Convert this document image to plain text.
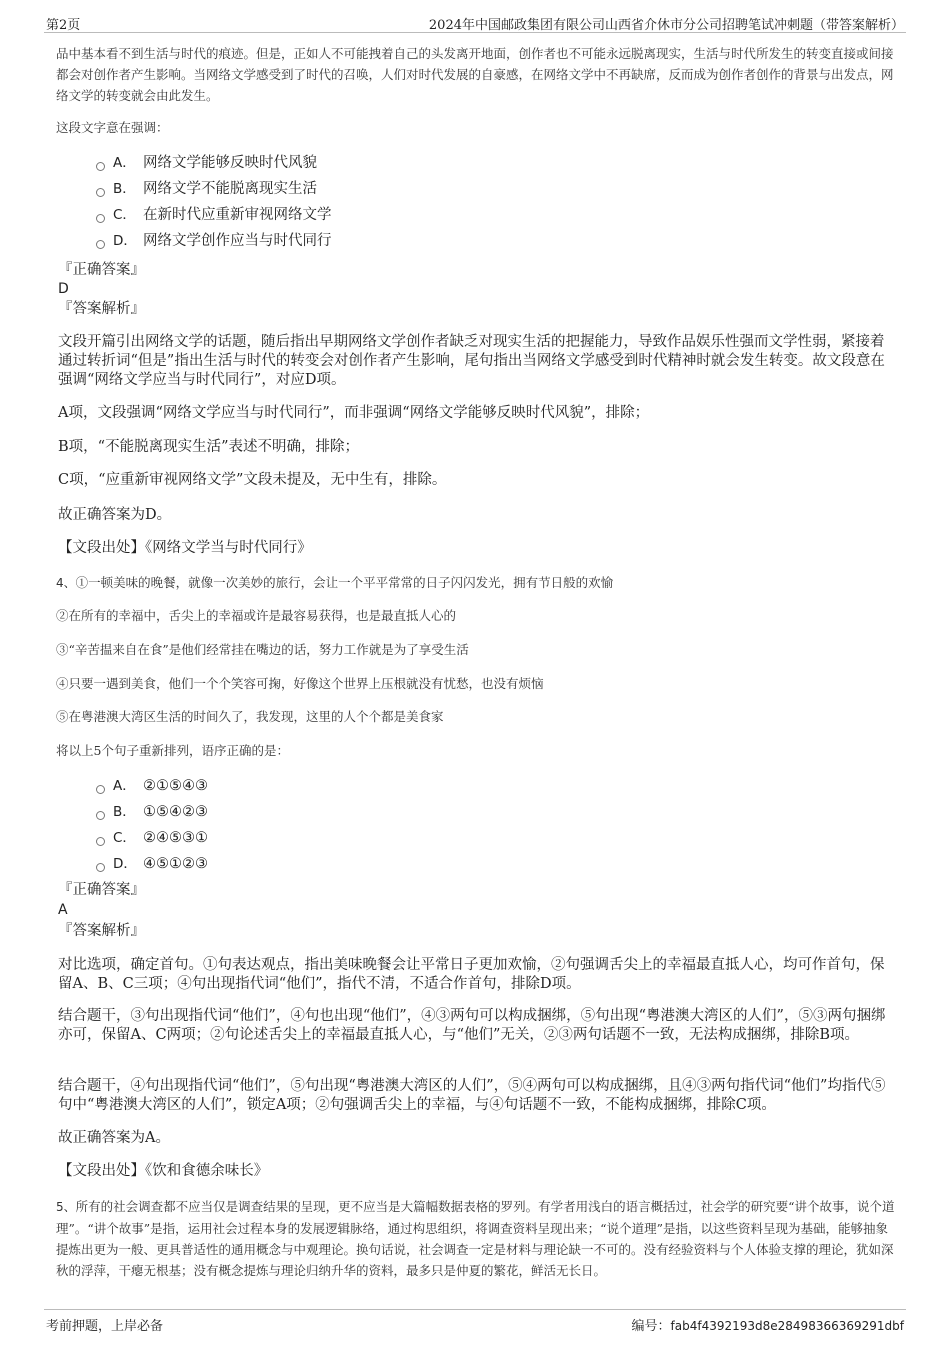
第2页	2024年中国邮政集团有限公司山西省介休市分公司招聘笔试冲刺题（带答案解析）
品中基本看不到生活与时代的痕迹。但是，正如人不可能拽着自己的头发离开地面，创作者也不可能永远脱离现实，生活与时代所发生的转变直接或间接都会对创作者产生影响。当网络文学感受到了时代的召唤，人们对时代发展的自豪感，在网络文学中不再缺席，反而成为创作者创作的背景与出发点，网络文学的转变就会由此发生。
这段文字意在强调：
A． 网络文学能够反映时代风貌
B． 网络文学不能脱离现实生活
C． 在新时代应重新审视网络文学
D． 网络文学创作应当与时代同行
『正确答案』
D
『答案解析』
文段开篇引出网络文学的话题，随后指出早期网络文学创作者缺乏对现实生活的把握能力，导致作品娱乐性强而文学性弱，紧接着通过转折词“但是”指出生活与时代的转变会对创作者产生影响，尾句指出当网络文学感受到时代精神时就会发生转变。故文段意在强调“网络文学应当与时代同行”，对应D项。
A项，文段强调“网络文学应当与时代同行”，而非强调“网络文学能够反映时代风貌”，排除；
B项，“不能脱离现实生活”表述不明确，排除；
C项，“应重新审视网络文学”文段未提及，无中生有，排除。
故正确答案为D。
【文段出处】《网络文学当与时代同行》
4、①一顿美味的晚餐，就像一次美妙的旅行，会让一个平平常常的日子闪闪发光，拥有节日般的欢愉
②在所有的幸福中，舌尖上的幸福或许是最容易获得，也是最直抵人心的
③“辛苦揾来自在食”是他们经常挂在嘴边的话，努力工作就是为了享受生活
④只要一遇到美食，他们一个个笑容可掬，好像这个世界上压根就没有忧愁，也没有烦恼
⑤在粤港澳大湾区生活的时间久了，我发现，这里的人个个都是美食家
将以上5个句子重新排列，语序正确的是：
A． ②①⑤④③
B． ①⑤④②③
C． ②④⑤③①
D． ④⑤①②③
『正确答案』
A
『答案解析』
对比选项，确定首句。①句表达观点，指出美味晚餐会让平常日子更加欢愉，②句强调舌尖上的幸福最直抵人心，均可作首句，保留A、B、C三项；④句出现指代词“他们”，指代不清，不适合作首句，排除D项。
结合题干，③句出现指代词“他们”，④句也出现“他们”，④③两句可以构成捆绑，⑤句出现“粤港澳大湾区的人们”，⑤③两句捆绑亦可，保留A、C两项；②句论述舌尖上的幸福最直抵人心，与“他们”无关，②③两句话题不一致，无法构成捆绑，排除B项。
结合题干，④句出现指代词“他们”，⑤句出现“粤港澳大湾区的人们”，⑤④两句可以构成捆绑，且④③两句指代词“他们”均指代⑤句中“粤港澳大湾区的人们”，锁定A项；②句强调舌尖上的幸福，与④句话题不一致，不能构成捆绑，排除C项。
故正确答案为A。
【文段出处】《饮和食德余味长》
5、所有的社会调查都不应当仅是调查结果的呈现，更不应当是大篇幅数据表格的罗列。有学者用浅白的语言概括过，社会学的研究要“讲个故事，说个道理”。“讲个故事”是指，运用社会过程本身的发展逻辑脉络，通过构思组织，将调查资料呈现出来；“说个道理”是指，以这些资料呈现为基础，能够抽象提炼出更为一般、更具普适性的通用概念与中观理论。换句话说，社会调查一定是材料与理论缺一不可的。没有经验资料与个人体验支撑的理论，犹如深秋的浮萍，干瘪无根基；没有概念提炼与理论归纳升华的资料，最多只是仲夏的繁花，鲜活无长日。
考前押题，上岸必备	编号：fab4f4392193d8e28498366369291dbf
